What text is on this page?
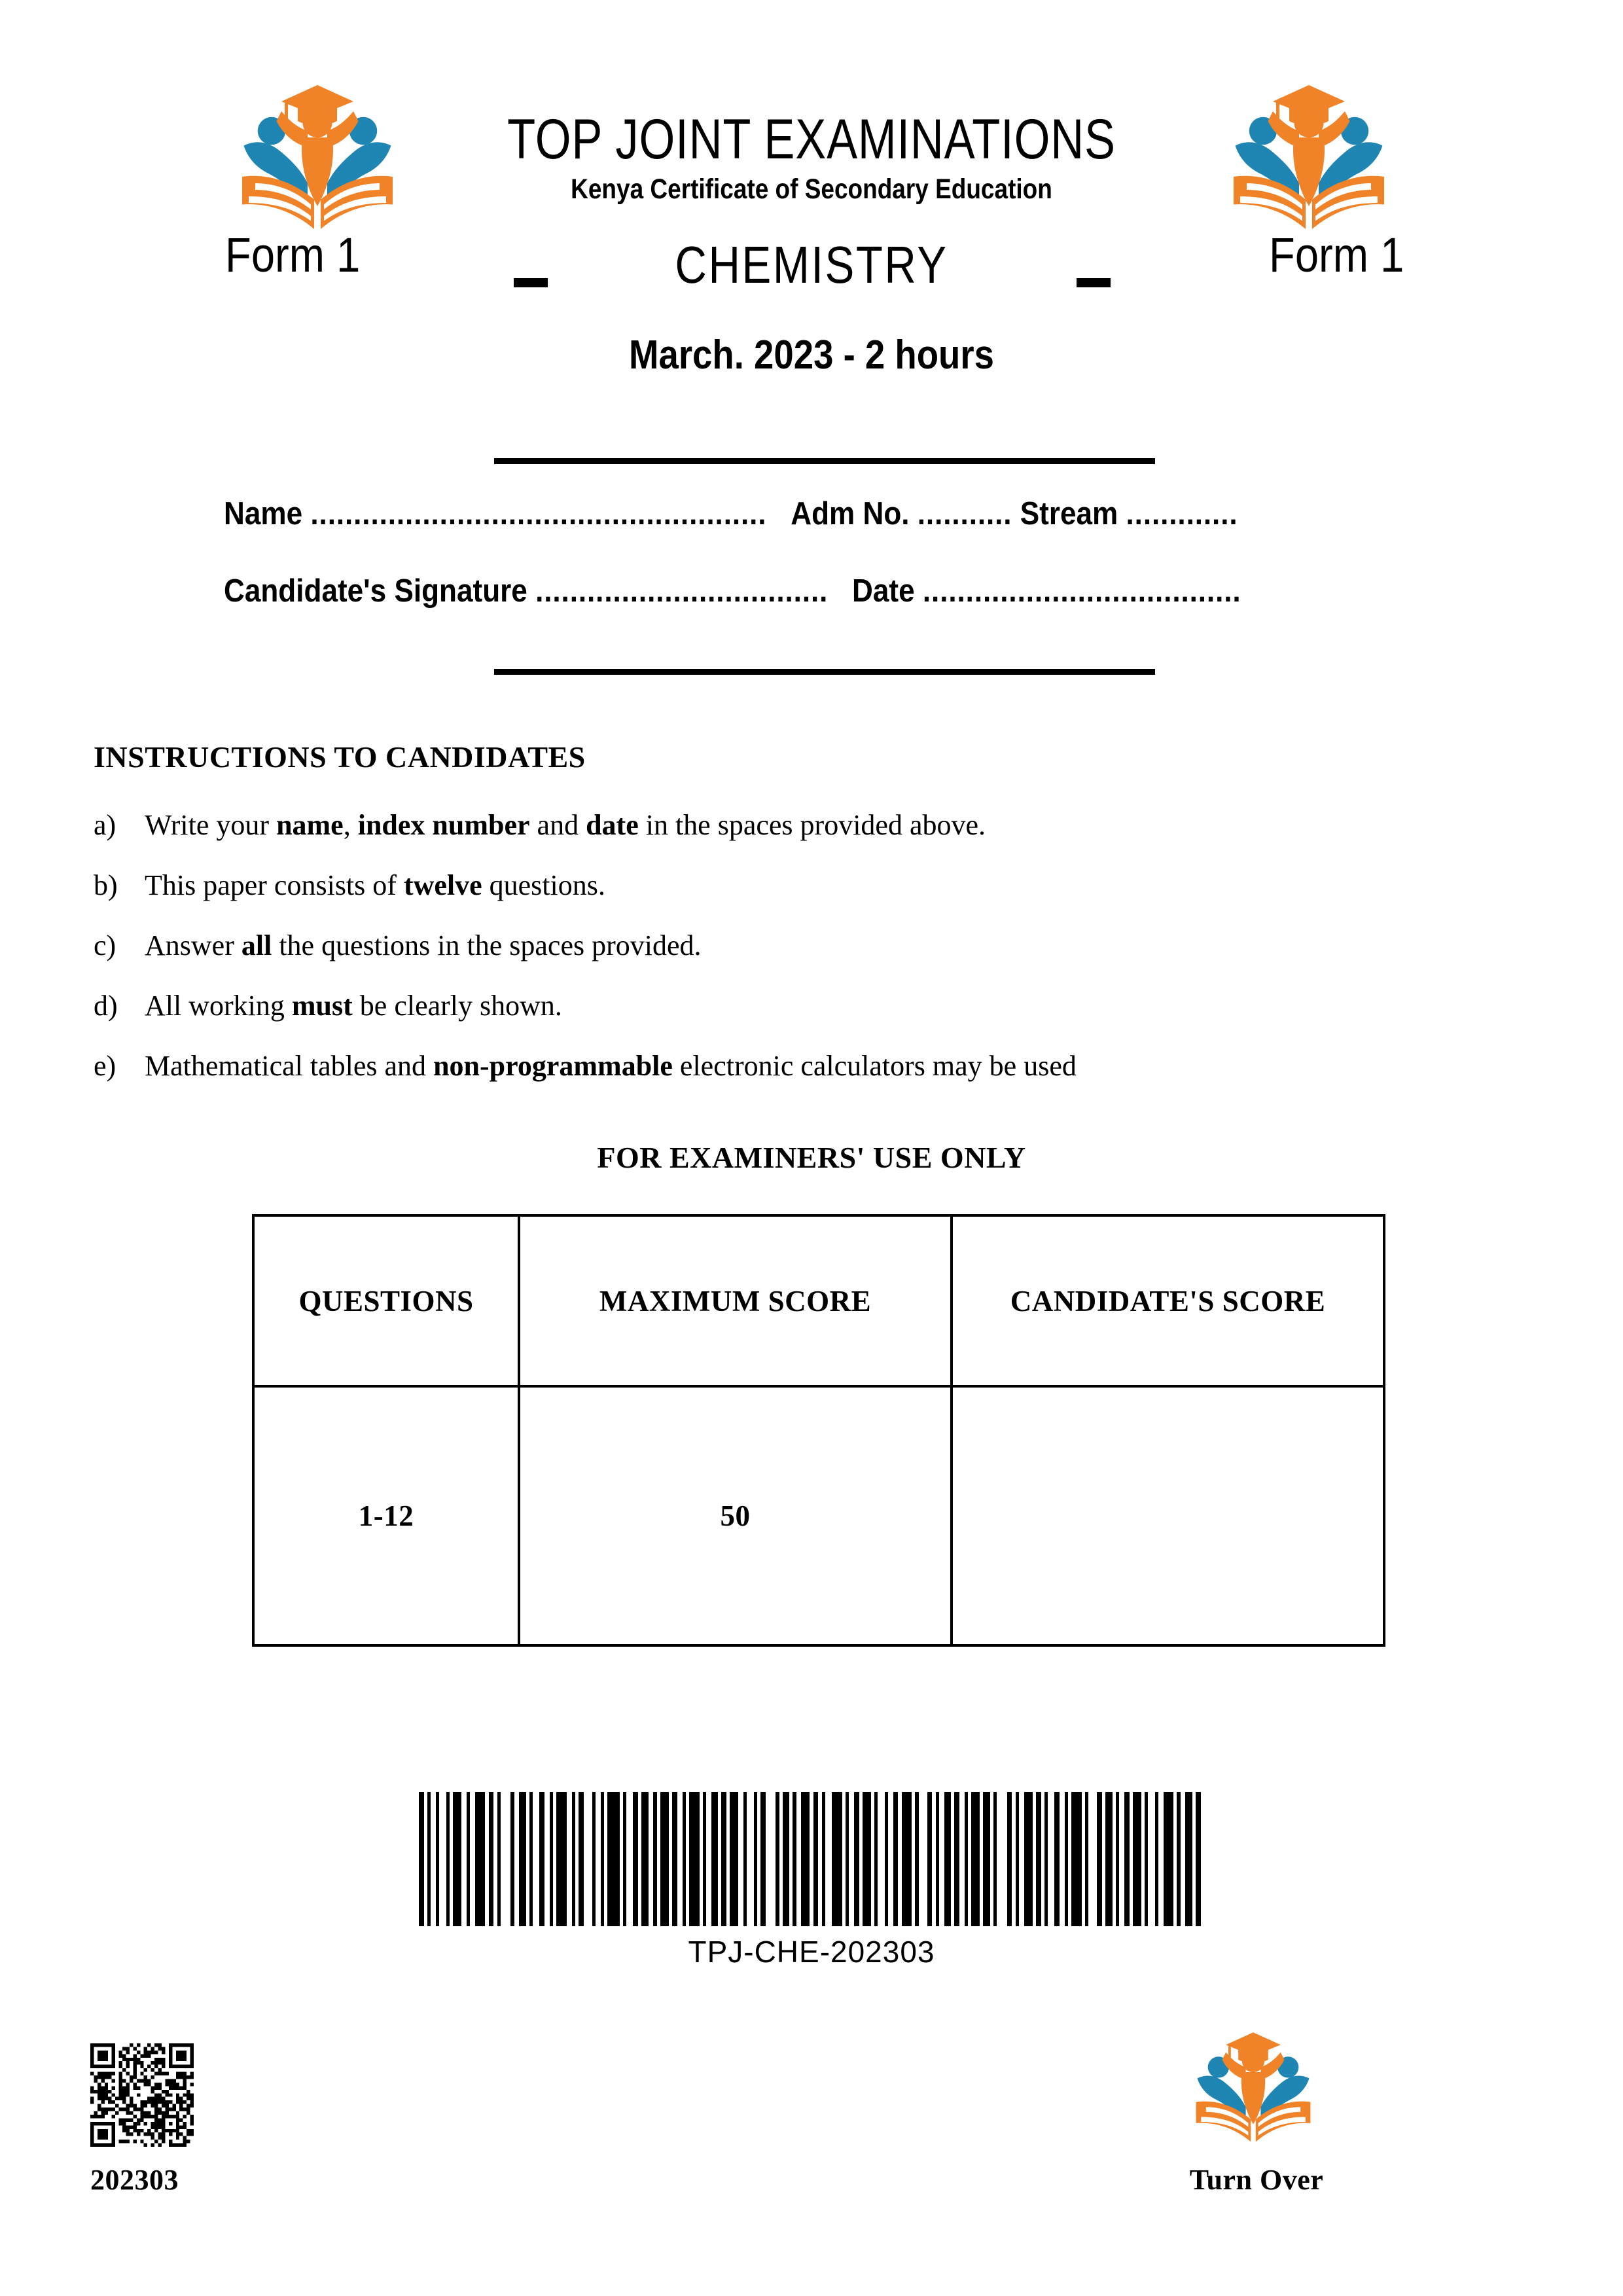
TOP JOINT EXAMINATIONS
Kenya Certificate of Secondary Education
Form 1	CHEMISTRY	Form 1
March. 2023 - 2 hours
Name ..................................................... Adm No. ........... Stream .............
Candidate's Signature .................................. Date .....................................
INSTRUCTIONS TO CANDIDATES
a) Write your name, index number and date in the spaces provided above.
b) This paper consists of twelve questions.
c) Answer all the questions in the spaces provided.
d) All working must be clearly shown.
e) Mathematical tables and non-programmable electronic calculators may be used
FOR EXAMINERS' USE ONLY
QUESTIONS	MAXIMUM SCORE	CANDIDATE'S SCORE
1-12	50	
TPJ-CHE-202303
202303	Turn Over
